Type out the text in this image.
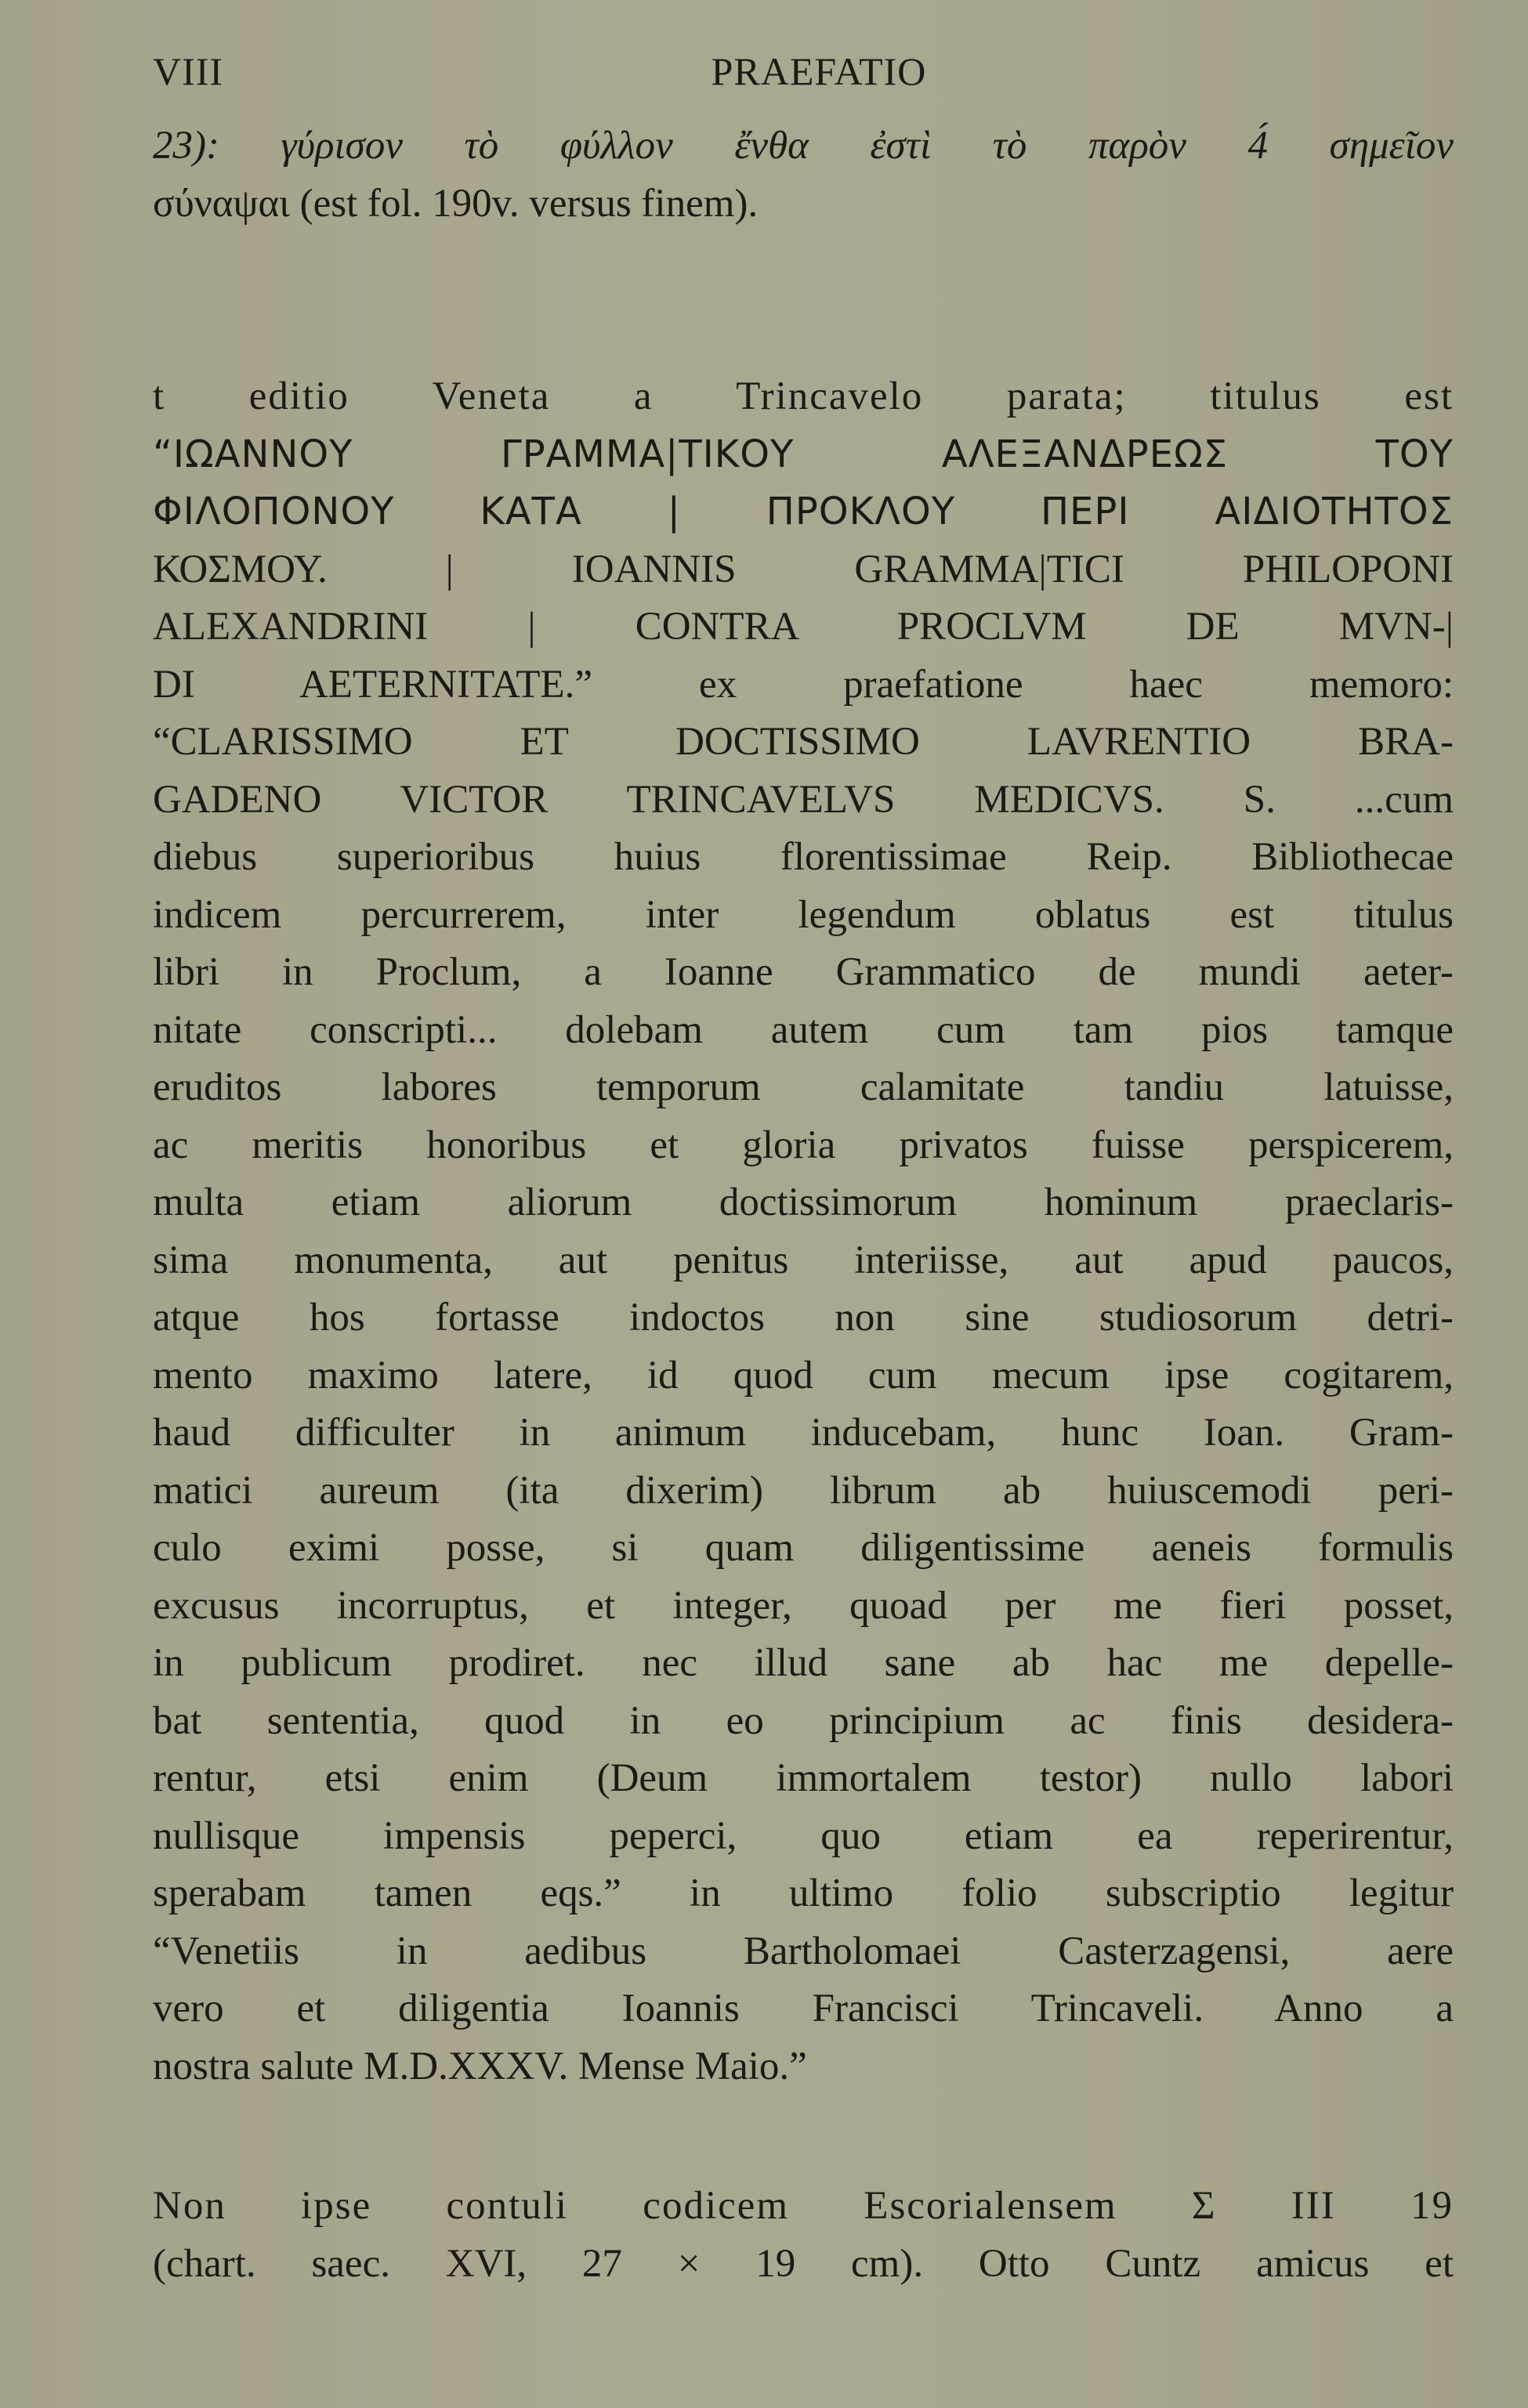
VIII	PRAEFATIO
23): γύρισον τὸ φύλλον ἔνθα ἐστὶ τὸ παρὸν 4́ σημεῖον
σύναψαι (est fol. 190v. versus finem).
t editio Veneta a Trincavelo parata; titulus est
“ΙΩΑΝΝΟΥ ΓΡΑΜΜΑ|ΤΙΚΟΥ ΑΛΕΞΑΝΔΡΕΩΣ ΤΟΥ
ΦΙΛΟΠΟΝΟΥ ΚΑΤΑ | ΠΡΟΚΛΟΥ ΠΕΡΙ ΑΙΔΙΟΤΗΤΟΣ
ΚΟΣΜΟΥ. | IOANNIS GRAMMA|TICI PHILOPONI
ALEXANDRINI | CONTRA PROCLVM DE MVN-|
DI AETERNITATE.” ex praefatione haec memoro:
“CLARISSIMO ET DOCTISSIMO LAVRENTIO BRA-
GADENO VICTOR TRINCAVELVS MEDICVS. S. ...cum
diebus superioribus huius florentissimae Reip. Bibliothecae
indicem percurrerem, inter legendum oblatus est titulus
libri in Proclum, a Ioanne Grammatico de mundi aeter-
nitate conscripti... dolebam autem cum tam pios tamque
eruditos labores temporum calamitate tandiu latuisse,
ac meritis honoribus et gloria privatos fuisse perspicerem,
multa etiam aliorum doctissimorum hominum praeclaris-
sima monumenta, aut penitus interiisse, aut apud paucos,
atque hos fortasse indoctos non sine studiosorum detri-
mento maximo latere, id quod cum mecum ipse cogitarem,
haud difficulter in animum inducebam, hunc Ioan. Gram-
matici aureum (ita dixerim) librum ab huiuscemodi peri-
culo eximi posse, si quam diligentissime aeneis formulis
excusus incorruptus, et integer, quoad per me fieri posset,
in publicum prodiret. nec illud sane ab hac me depelle-
bat sententia, quod in eo principium ac finis desidera-
rentur, etsi enim (Deum immortalem testor) nullo labori
nullisque impensis peperci, quo etiam ea reperirentur,
sperabam tamen eqs.” in ultimo folio subscriptio legitur
“Venetiis in aedibus Bartholomaei Casterzagensi, aere
vero et diligentia Ioannis Francisci Trincaveli. Anno a
nostra salute M.D.XXXV. Mense Maio.”
Non ipse contuli codicem Escorialensem Σ III 19
(chart. saec. XVI, 27 × 19 cm). Otto Cuntz amicus et
